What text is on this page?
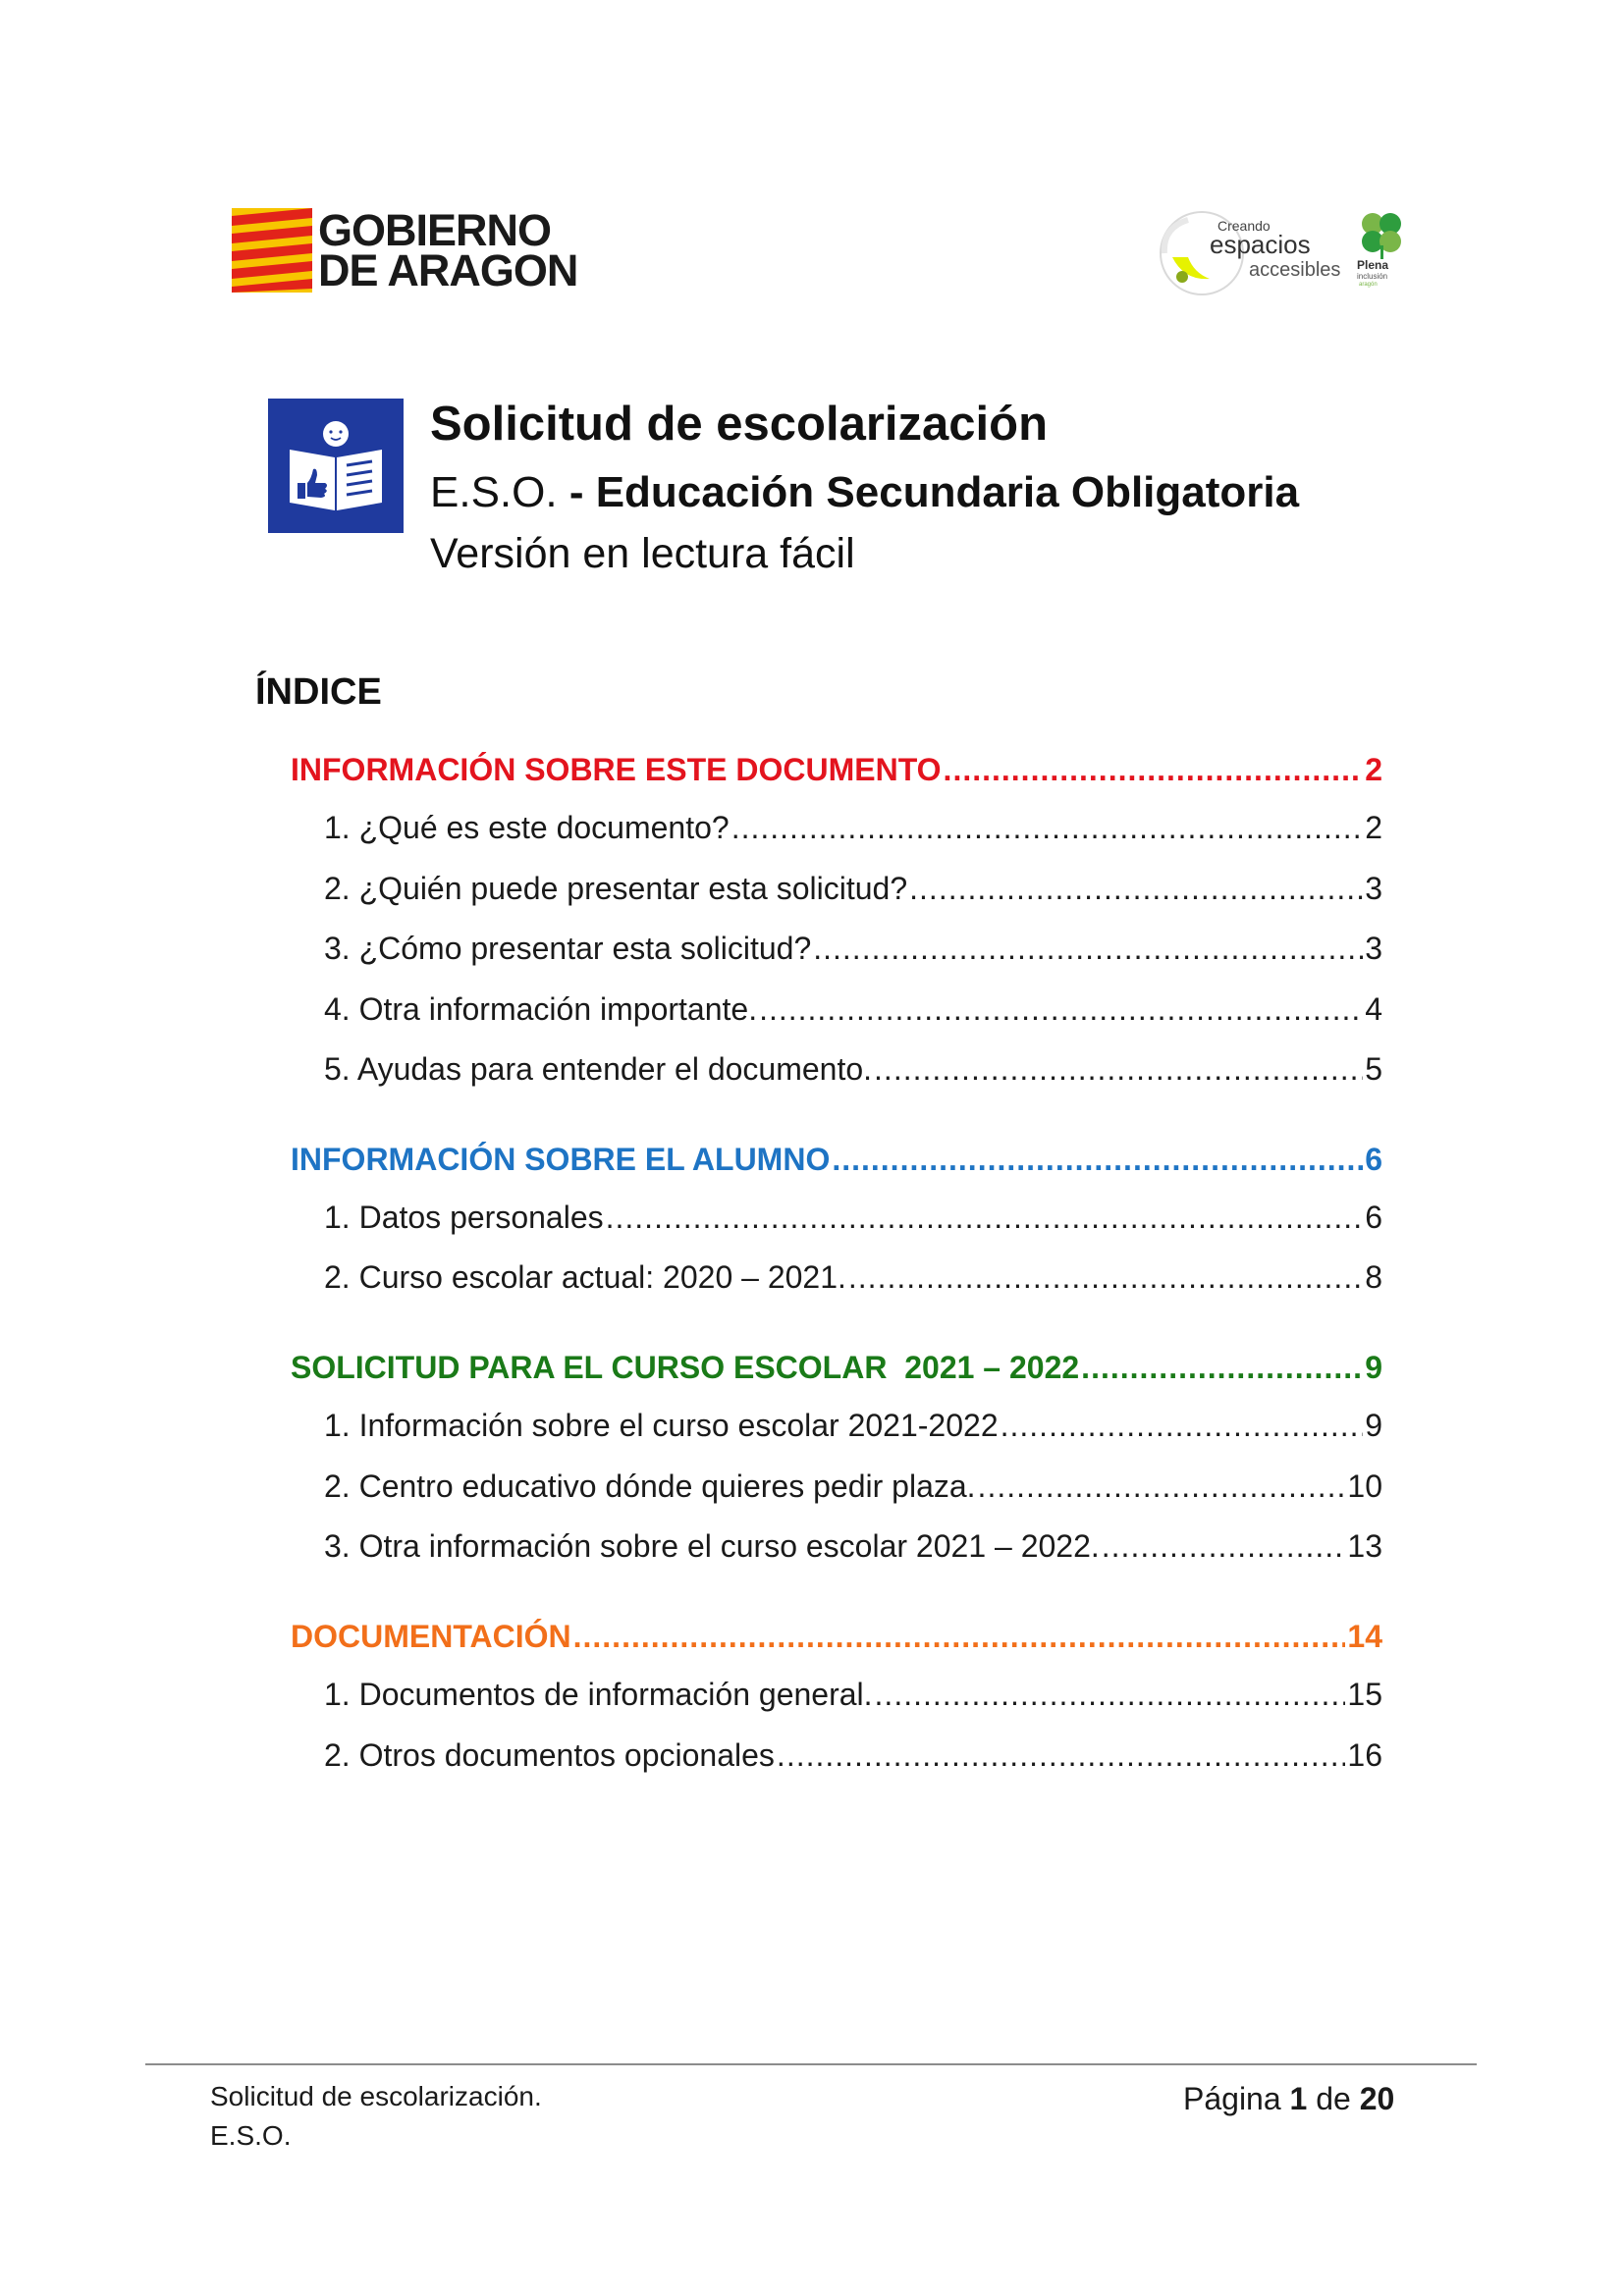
GOBIERNO
DE ARAGON
Creando
espacios
accesibles Plena
inclusión
aragón
Solicitud de escolarización
E.S.O. - Educación Secundaria Obligatoria
Versión en lectura fácil
ÍNDICE
INFORMACIÓN SOBRE ESTE DOCUMENTO .....	2
1. ¿Qué es este documento? .....	2
2. ¿Quién puede presentar esta solicitud? .....	3
3. ¿Cómo presentar esta solicitud? .....	3
4. Otra información importante. .....	4
5. Ayudas para entender el documento. .....	5
INFORMACIÓN SOBRE EL ALUMNO .....	6
1. Datos personales .....	6
2. Curso escolar actual: 2020 – 2021. .....	8
SOLICITUD PARA EL CURSO ESCOLAR  2021 – 2022 .....	9
1. Información sobre el curso escolar 2021-2022 .....	9
2. Centro educativo dónde quieres pedir plaza. .....	10
3. Otra información sobre el curso escolar 2021 – 2022. .....	13
DOCUMENTACIÓN .....	14
1. Documentos de información general. .....	15
2. Otros documentos opcionales .....	16
Solicitud de escolarización.
E.S.O.
Página 1 de 20
